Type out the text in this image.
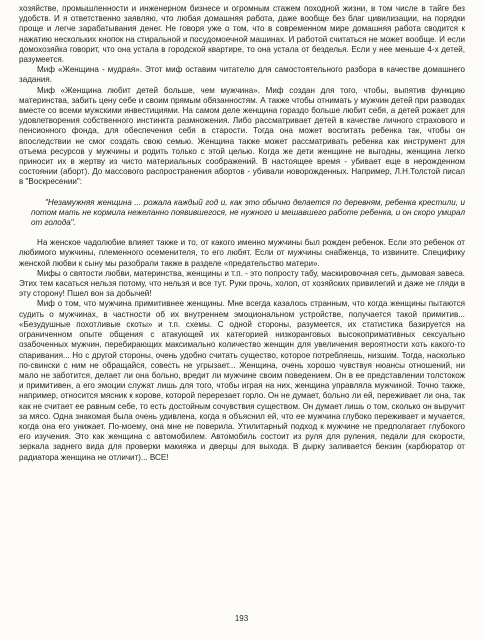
хозяйстве, промышленности и инженерном бизнесе и огромным стажем походной жизни, в том числе в тайге без удобств. И я ответственно заявляю, что любая домашняя работа, даже вообще без благ цивилизации, на порядки проще и легче зарабатывания денег. Не говоря уже о том, что в современном мире домашняя работа сводится к нажатию нескольких кнопок на стиральной и посудомоечной машинах. И работой считаться не может вообще. И если домохозяйка говорит, что она устала в городской квартире, то она устала от безделья. Если у нее меньше 4-х детей, разумеется.

Миф «Женщина - мудрая». Этот миф оставим читателю для самостоятельного разбора в качестве домашнего задания.

Миф «Женщина любит детей больше, чем мужчина». Миф создан для того, чтобы, выпятив функцию материнства, забить цену себе и своим прямым обязанностям. А также чтобы отнимать у мужчин детей при разводах вместе со всеми мужскими инвестициями. На самом деле женщина гораздо больше любит себя, а детей рожает для удовлетворения собственного инстинкта размножения. Либо рассматривает детей в качестве личного страхового и пенсионного фонда, для обеспечения себя в старости. Тогда она может воспитать ребенка так, чтобы он впоследствии не смог создать свою семью. Женщина также может рассматривать ребенка как инструмент для отъема ресурсов у мужчины и родить только с этой целью. Когда же дети женщине не выгодны, женщина легко приносит их в жертву из чисто материальных соображений. В настоящее время - убивает еще в нерожденном состоянии (аборт). До массового распространения абортов - убивали новорожденных. Например, Л.Н.Толстой писал в "Воскресении":

"Незамужняя женщина ... рожала каждый год и, как это обычно делается по деревням, ребенка крестили, и потом мать не кормила нежеланно появившегося, не нужного и мешавшего работе ребенка, и он скоро умирал от голода".

На женское чадолюбие влияет также и то, от какого именно мужчины был рожден ребенок. Если это ребенок от любимого мужчины, племенного осеменителя, то его любят. Если от мужчины снабженца, то извините. Специфику женской любви к сыну мы разобрали также в разделе «предательство матери».

Мифы о святости любви, материнства, женщины и т.п. - это попросту табу, маскировочная сеть, дымовая завеса. Этих тем касаться нельзя потому, что нельзя и все тут. Руки прочь, холоп, от хозяйских привилегий и даже не гляди в эту сторону! Пшел вон за добычей!

Миф о том, что мужчина примитивнее женщины. Мне всегда казалось странным, что когда женщины пытаются судить о мужчинах, в частности об их внутреннем эмоциональном устройстве, получается такой примитив... «Безудушные похотливые скоты» и т.п. схемы. С одной стороны, разумеется, их статистика базируется на ограниченном опыте общения с атакующей их категорией низкоранговых высокопримативных сексуально озабоченных мужчин, перебирающих максимально количество женщин для увеличения вероятности хоть какого-то спаривания... Но с другой стороны, очень удобно считать существо, которое потребляешь, низшим. Тогда, насколько по-свински с ним не обращайся, совесть не угрызает... Женщина, очень хорошо чувствуя нюансы отношений, ни мало не заботится, делает ли она больно, вредит ли мужчине своим поведением. Он в ее представлении толстокож и примитивен, а его эмоции служат лишь для того, чтобы играя на них, женщина управляла мужчиной. Точно также, например, относится мясник к корове, которой перерезает горло. Он не думает, больно ли ей, переживает ли она, так как не считает ее равным себе, то есть достойным сочувствия существом. Он думает лишь о том, сколько он выручит за мясо. Одна знакомая была очень удивлена, когда я объяснил ей, что ее мужчина глубоко переживает и мучается, когда она его унижает. По-моему, она мне не поверила. Утилитарный подход к мужчине не предполагает глубокого его изучения. Это как женщина с автомобилем. Автомобиль состоит из руля для руления, педали для скорости, зеркала заднего вида для проверки макияжа и дверцы для выхода. В дырку заливается бензин (карбюратор от радиатора женщина не отличит)... ВСЕ!

193
